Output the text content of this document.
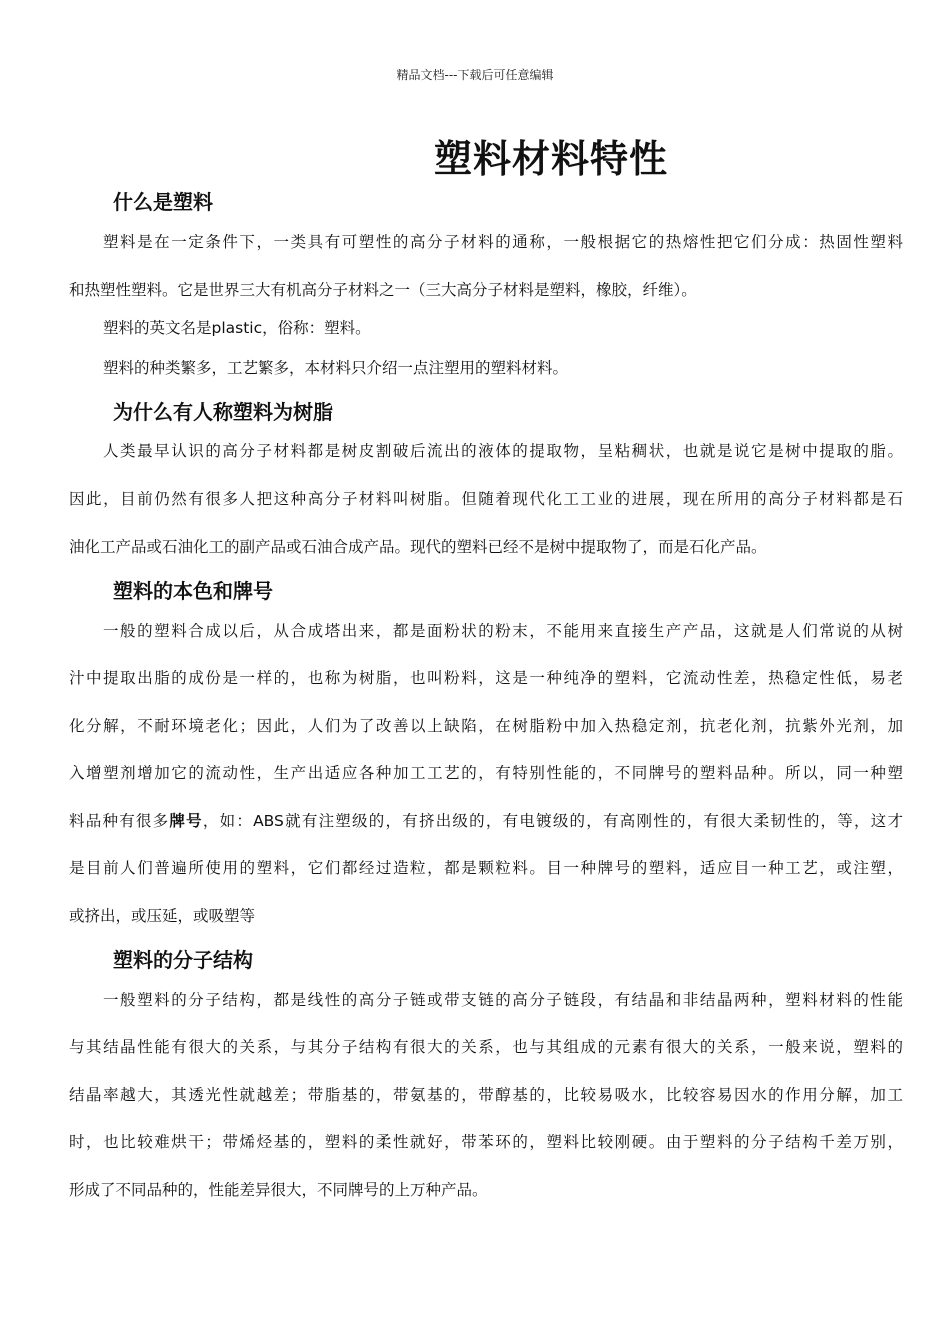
精品文档---下载后可任意编辑
塑料材料特性
什么是塑料
塑料是在一定条件下，一类具有可塑性的高分子材料的通称，一般根据它的热熔性把它们分成：热固性塑料
和热塑性塑料。它是世界三大有机高分子材料之一（三大高分子材料是塑料，橡胶，纤维）。
塑料的英文名是plastic，俗称：塑料。
塑料的种类繁多，工艺繁多，本材料只介绍一点注塑用的塑料材料。
为什么有人称塑料为树脂
人类最早认识的高分子材料都是树皮割破后流出的液体的提取物，呈粘稠状，也就是说它是树中提取的脂。
因此，目前仍然有很多人把这种高分子材料叫树脂。但随着现代化工工业的进展，现在所用的高分子材料都是石
油化工产品或石油化工的副产品或石油合成产品。现代的塑料已经不是树中提取物了，而是石化产品。
塑料的本色和牌号
一般的塑料合成以后，从合成塔出来，都是面粉状的粉末，不能用来直接生产产品，这就是人们常说的从树
汁中提取出脂的成份是一样的，也称为树脂，也叫粉料，这是一种纯净的塑料，它流动性差，热稳定性低，易老
化分解，不耐环境老化；因此，人们为了改善以上缺陷，在树脂粉中加入热稳定剂，抗老化剂，抗紫外光剂，加
入增塑剂增加它的流动性，生产出适应各种加工工艺的，有特别性能的，不同牌号的塑料品种。所以，同一种塑
料品种有很多牌号，如：ABS就有注塑级的，有挤出级的，有电镀级的，有高刚性的，有很大柔韧性的，等，这才
是目前人们普遍所使用的塑料，它们都经过造粒，都是颗粒料。目一种牌号的塑料，适应目一种工艺，或注塑，
或挤出，或压延，或吸塑等
塑料的分子结构
一般塑料的分子结构，都是线性的高分子链或带支链的高分子链段，有结晶和非结晶两种，塑料材料的性能
与其结晶性能有很大的关系，与其分子结构有很大的关系，也与其组成的元素有很大的关系，一般来说，塑料的
结晶率越大，其透光性就越差；带脂基的，带氨基的，带醇基的，比较易吸水，比较容易因水的作用分解，加工
时，也比较难烘干；带烯烃基的，塑料的柔性就好，带苯环的，塑料比较刚硬。由于塑料的分子结构千差万别，
形成了不同品种的，性能差异很大，不同牌号的上万种产品。
